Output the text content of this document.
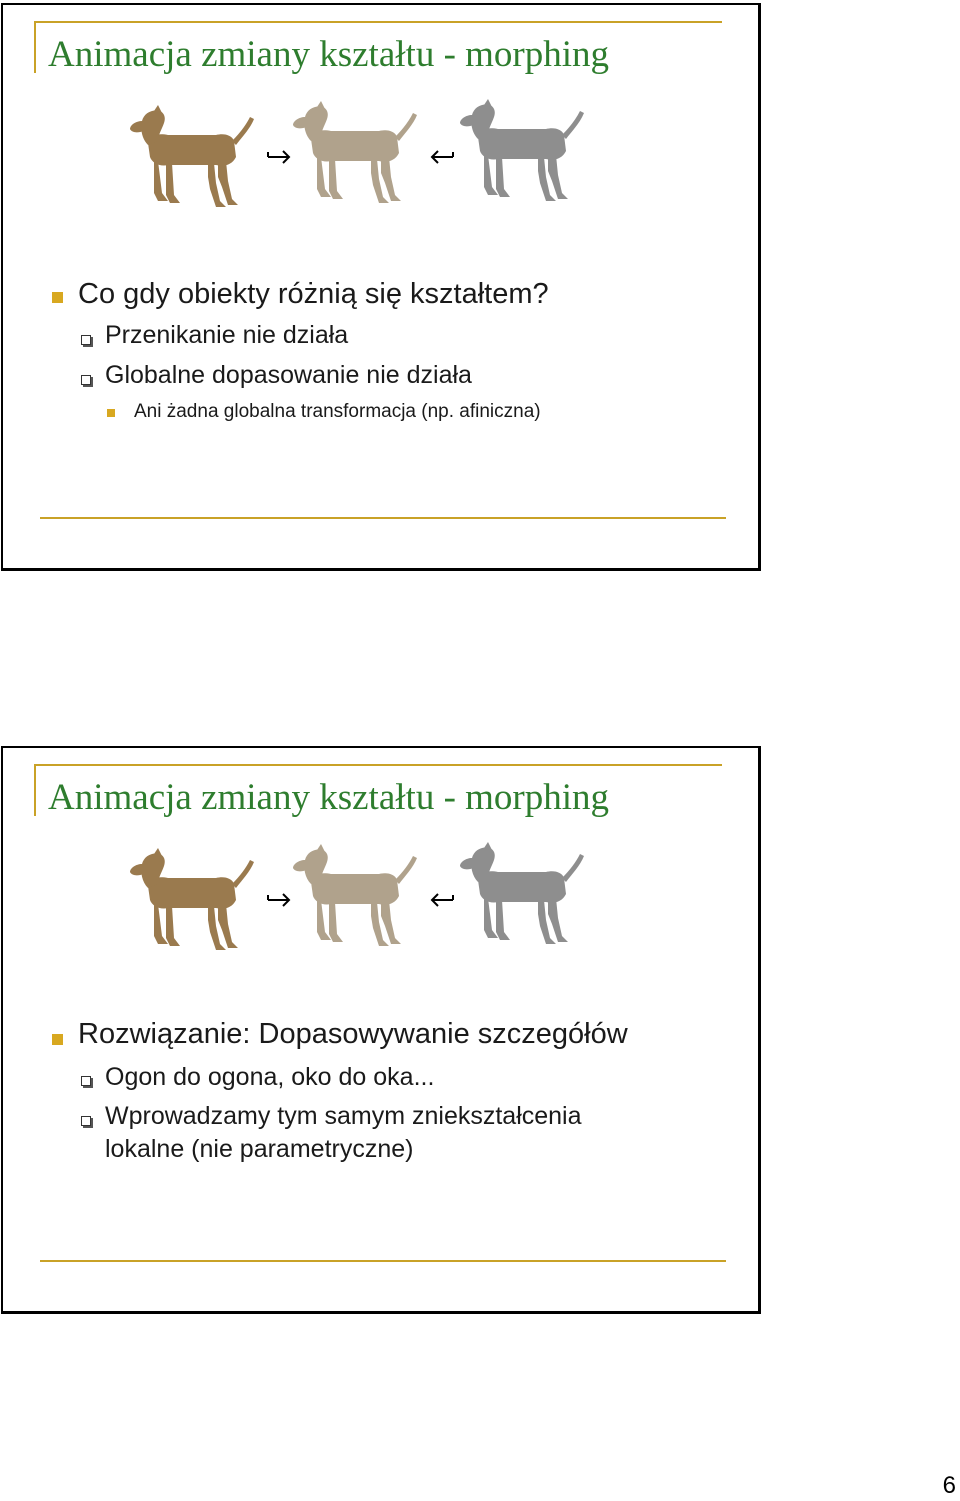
Animacja zmiany kształtu - morphing
Co gdy obiekty różnią się kształtem?
Przenikanie nie działa
Globalne dopasowanie nie działa
Ani żadna globalna transformacja (np. afiniczna)
Animacja zmiany kształtu - morphing
Rozwiązanie: Dopasowywanie szczegółów
Ogon do ogona, oko do oka...
Wprowadzamy tym samym zniekształcenia
lokalne (nie parametryczne)
6
